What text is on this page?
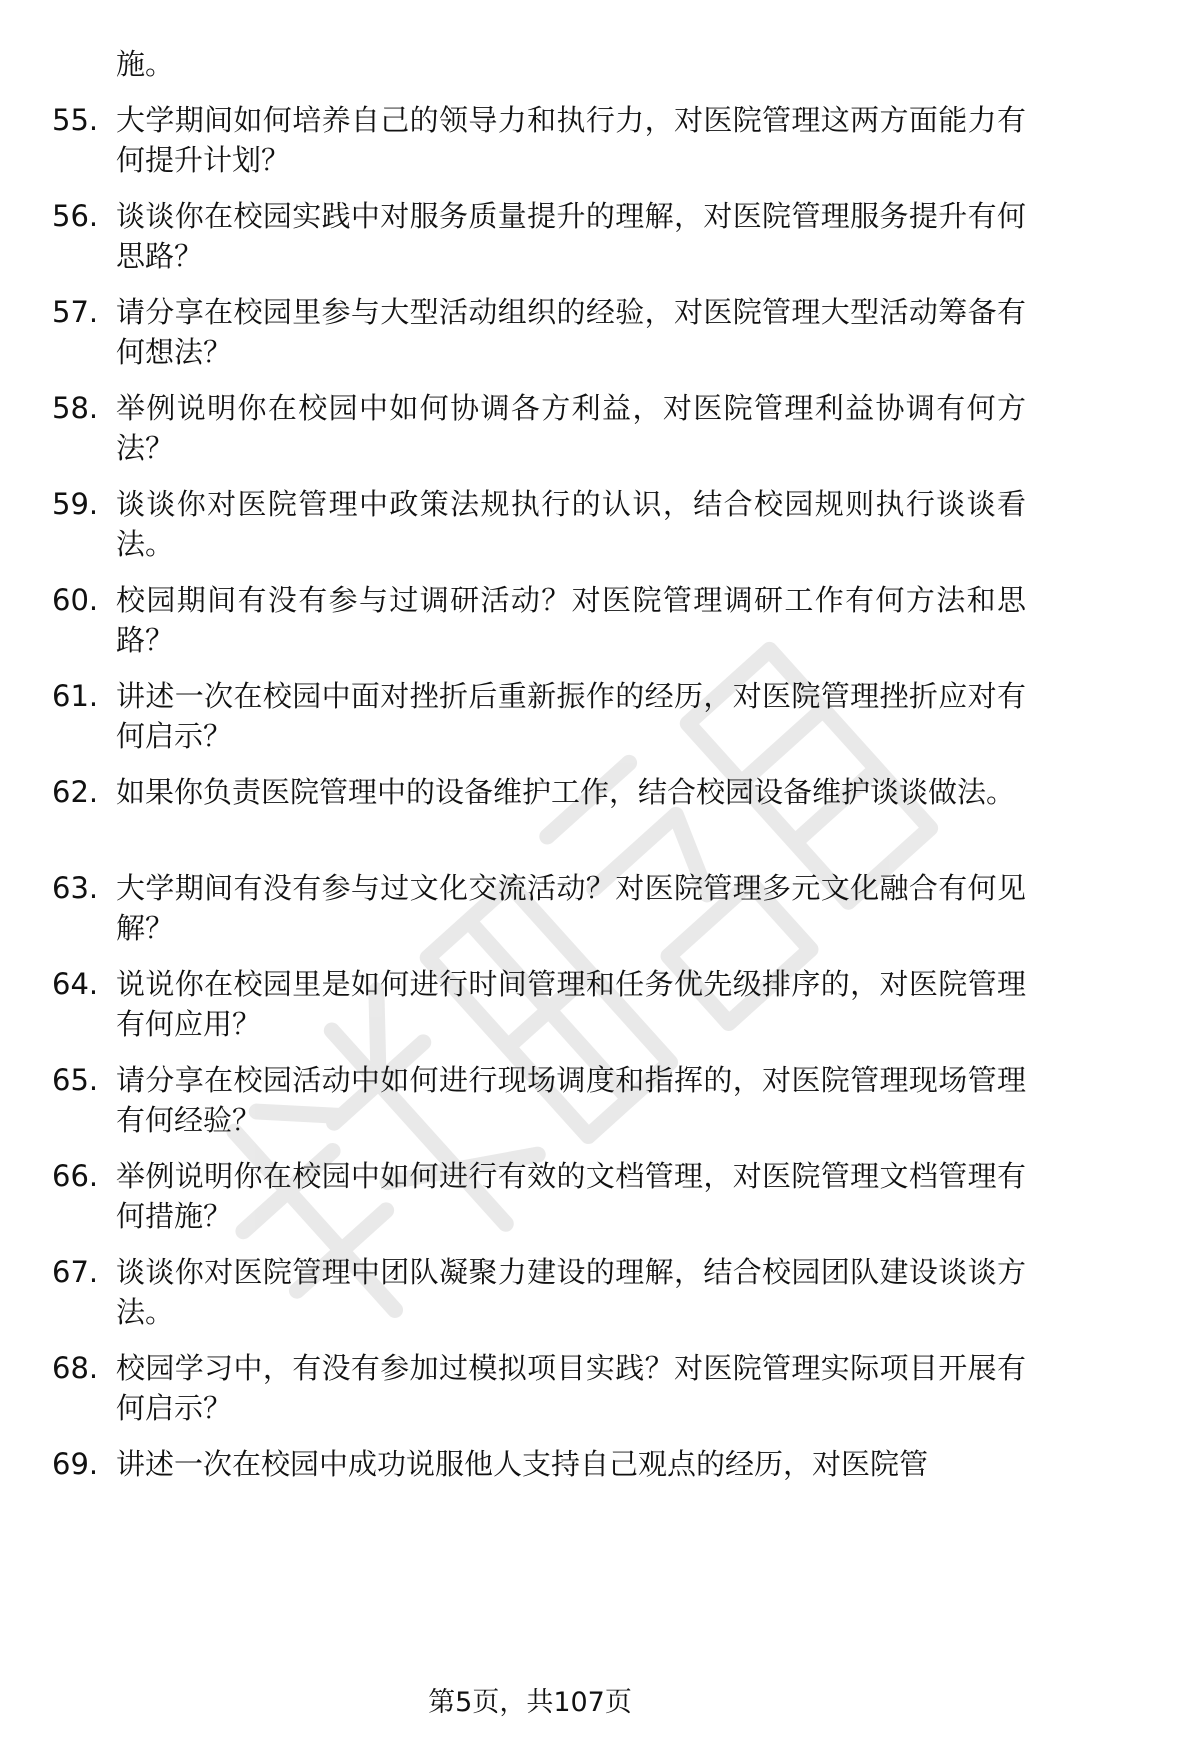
施。
55. 大学期间如何培养自己的领导力和执行力，对医院管理这两方面能力有何提升计划？
56. 谈谈你在校园实践中对服务质量提升的理解，对医院管理服务提升有何思路？
57. 请分享在校园里参与大型活动组织的经验，对医院管理大型活动筹备有何想法？
58. 举例说明你在校园中如何协调各方利益，对医院管理利益协调有何方法？
59. 谈谈你对医院管理中政策法规执行的认识，结合校园规则执行谈谈看法。
60. 校园期间有没有参与过调研活动？对医院管理调研工作有何方法和思路？
61. 讲述一次在校园中面对挫折后重新振作的经历，对医院管理挫折应对有何启示？
62. 如果你负责医院管理中的设备维护工作，结合校园设备维护谈谈做法。
63. 大学期间有没有参与过文化交流活动？对医院管理多元文化融合有何见解？
64. 说说你在校园里是如何进行时间管理和任务优先级排序的，对医院管理有何应用？
65. 请分享在校园活动中如何进行现场调度和指挥的，对医院管理现场管理有何经验？
66. 举例说明你在校园中如何进行有效的文档管理，对医院管理文档管理有何措施？
67. 谈谈你对医院管理中团队凝聚力建设的理解，结合校园团队建设谈谈方法。
68. 校园学习中，有没有参加过模拟项目实践？对医院管理实际项目开展有何启示？
69. 讲述一次在校园中成功说服他人支持自己观点的经历，对医院管
第5页，共107页
